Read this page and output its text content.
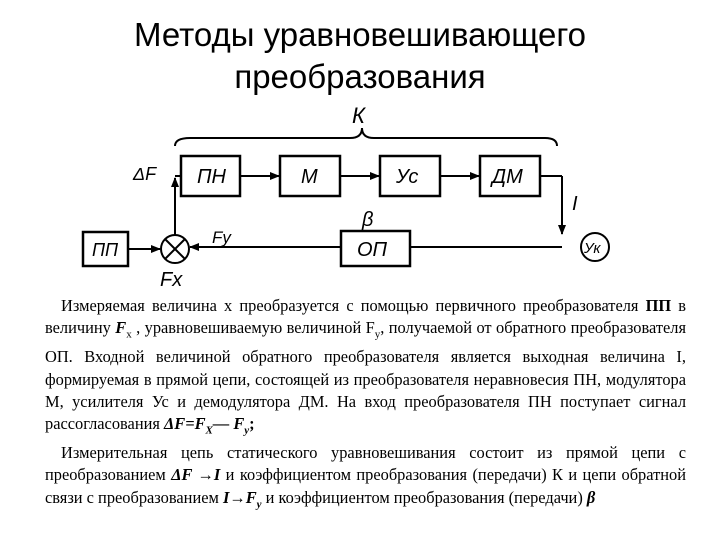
Методы уравновешивающего
преобразования
К
ПН	М	Ус	ДМ
I
Ук
ОП
β
Fy
ПП
Fx
ΔF

Измеряемая величина x преобразуется с помощью первичного преобразователя ПП в величину $F_x$ , уравновешиваемую величиной $F_y$, получаемой от обратного преобразователя ОП. Входной величиной обратного преобразователя является выходная величина I, формируемая в прямой цепи, состоящей из преобразователя неравновесия ПН, модулятора М, усилителя Ус и демодулятора ДМ. На вход преобразователя ПН поступает сигнал рассогласования $\Delta F=F_X—$ $F_y$;

Измерительная цепь статического уравновешивания состоит из прямой цепи с преобразованием ΔF →I и коэффициентом преобразования (передачи) К и цепи обратной связи с преобразованием $I\to F_y$ и коэффициентом преобразования (передачи) β
